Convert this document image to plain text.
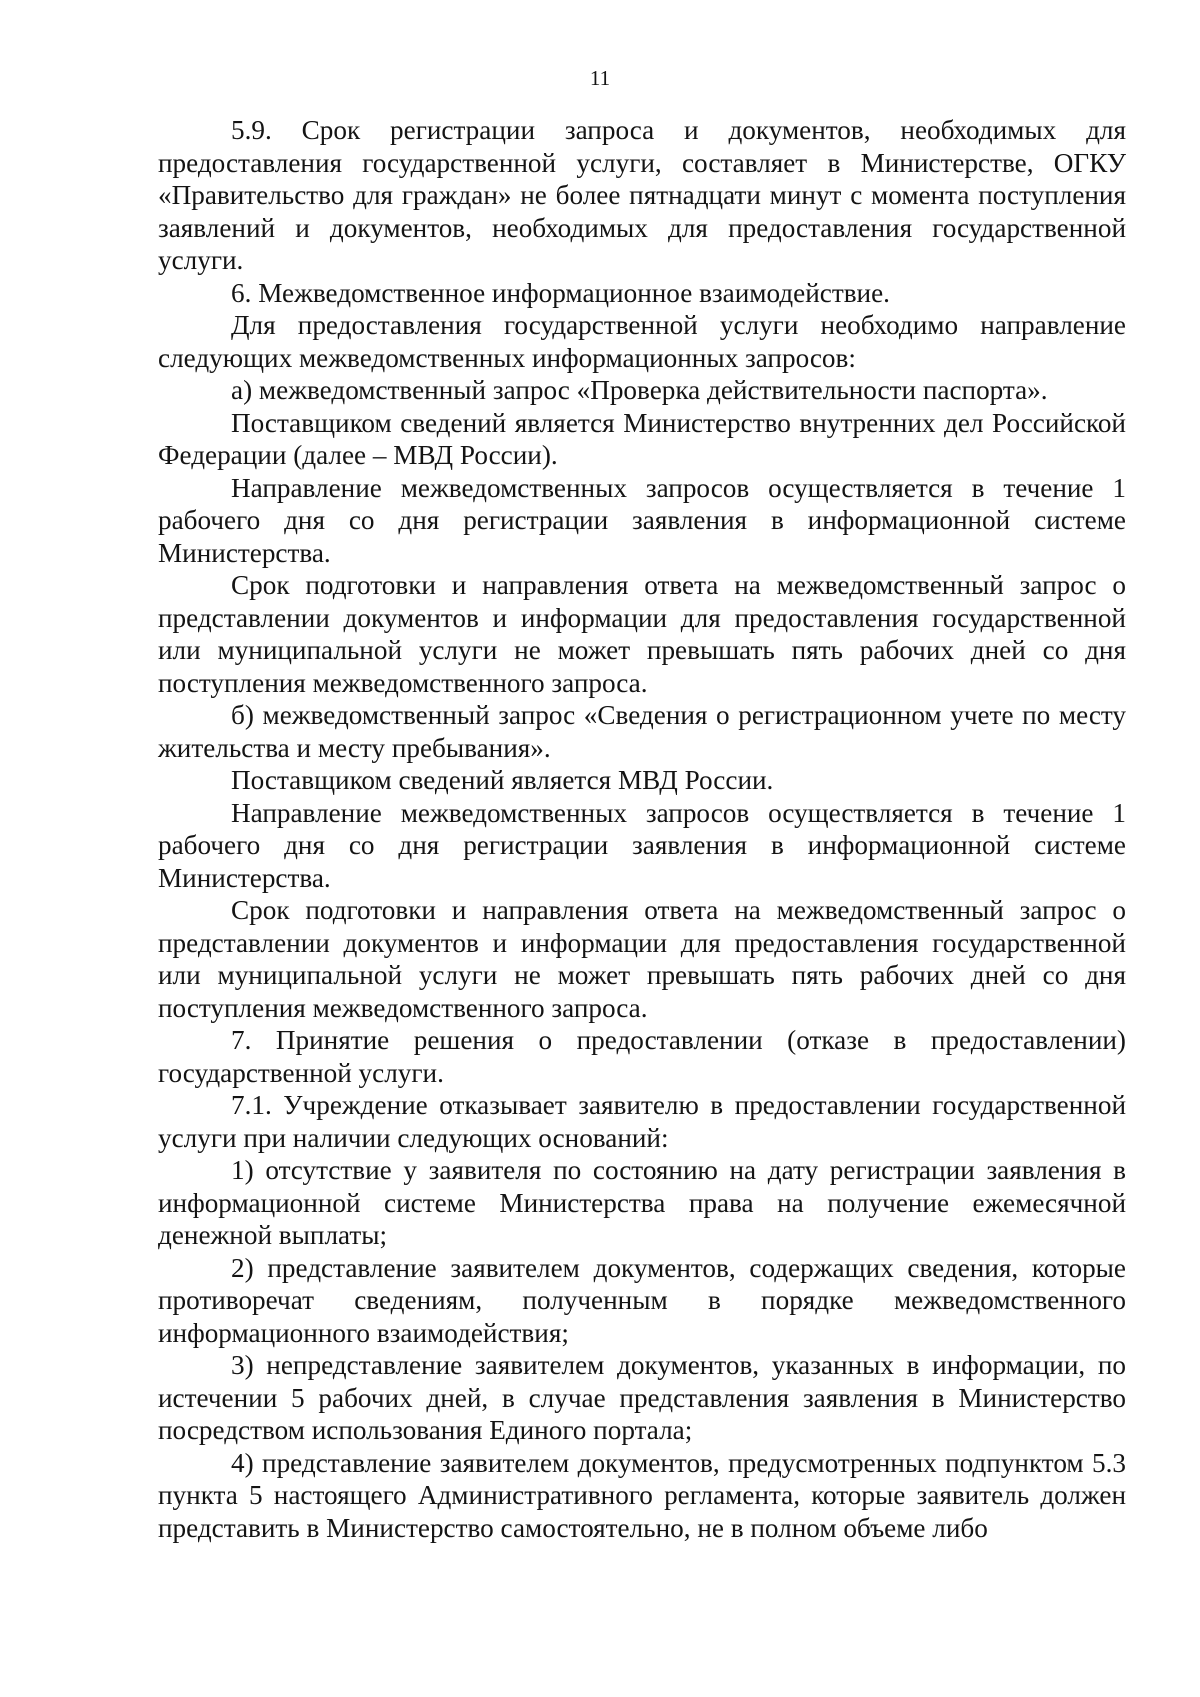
11

5.9. Срок регистрации запроса и документов, необходимых для предоставления государственной услуги, составляет в Министерстве, ОГКУ «Правительство для граждан» не более пятнадцати минут с момента поступления заявлений и документов, необходимых для предоставления государственной услуги.

6. Межведомственное информационное взаимодействие.

Для предоставления государственной услуги необходимо направление следующих межведомственных информационных запросов:

а) межведомственный запрос «Проверка действительности паспорта».

Поставщиком сведений является Министерство внутренних дел Российской Федерации (далее – МВД России).

Направление межведомственных запросов осуществляется в течение 1 рабочего дня со дня регистрации заявления в информационной системе Министерства.

Срок подготовки и направления ответа на межведомственный запрос о представлении документов и информации для предоставления государственной или муниципальной услуги не может превышать пять рабочих дней со дня поступления межведомственного запроса.

б) межведомственный запрос «Сведения о регистрационном учете по месту жительства и месту пребывания».

Поставщиком сведений является МВД России.

Направление межведомственных запросов осуществляется в течение 1 рабочего дня со дня регистрации заявления в информационной системе Министерства.

Срок подготовки и направления ответа на межведомственный запрос о представлении документов и информации для предоставления государственной или муниципальной услуги не может превышать пять рабочих дней со дня поступления межведомственного запроса.

7. Принятие решения о предоставлении (отказе в предоставлении) государственной услуги.

7.1. Учреждение отказывает заявителю в предоставлении государственной услуги при наличии следующих оснований:

1) отсутствие у заявителя по состоянию на дату регистрации заявления в информационной системе Министерства права на получение ежемесячной денежной выплаты;

2) представление заявителем документов, содержащих сведения, которые противоречат сведениям, полученным в порядке межведомственного информационного взаимодействия;

3) непредставление заявителем документов, указанных в информации, по истечении 5 рабочих дней, в случае представления заявления в Министерство посредством использования Единого портала;

4) представление заявителем документов, предусмотренных подпунктом 5.3 пункта 5 настоящего Административного регламента, которые заявитель должен представить в Министерство самостоятельно, не в полном объеме либо
